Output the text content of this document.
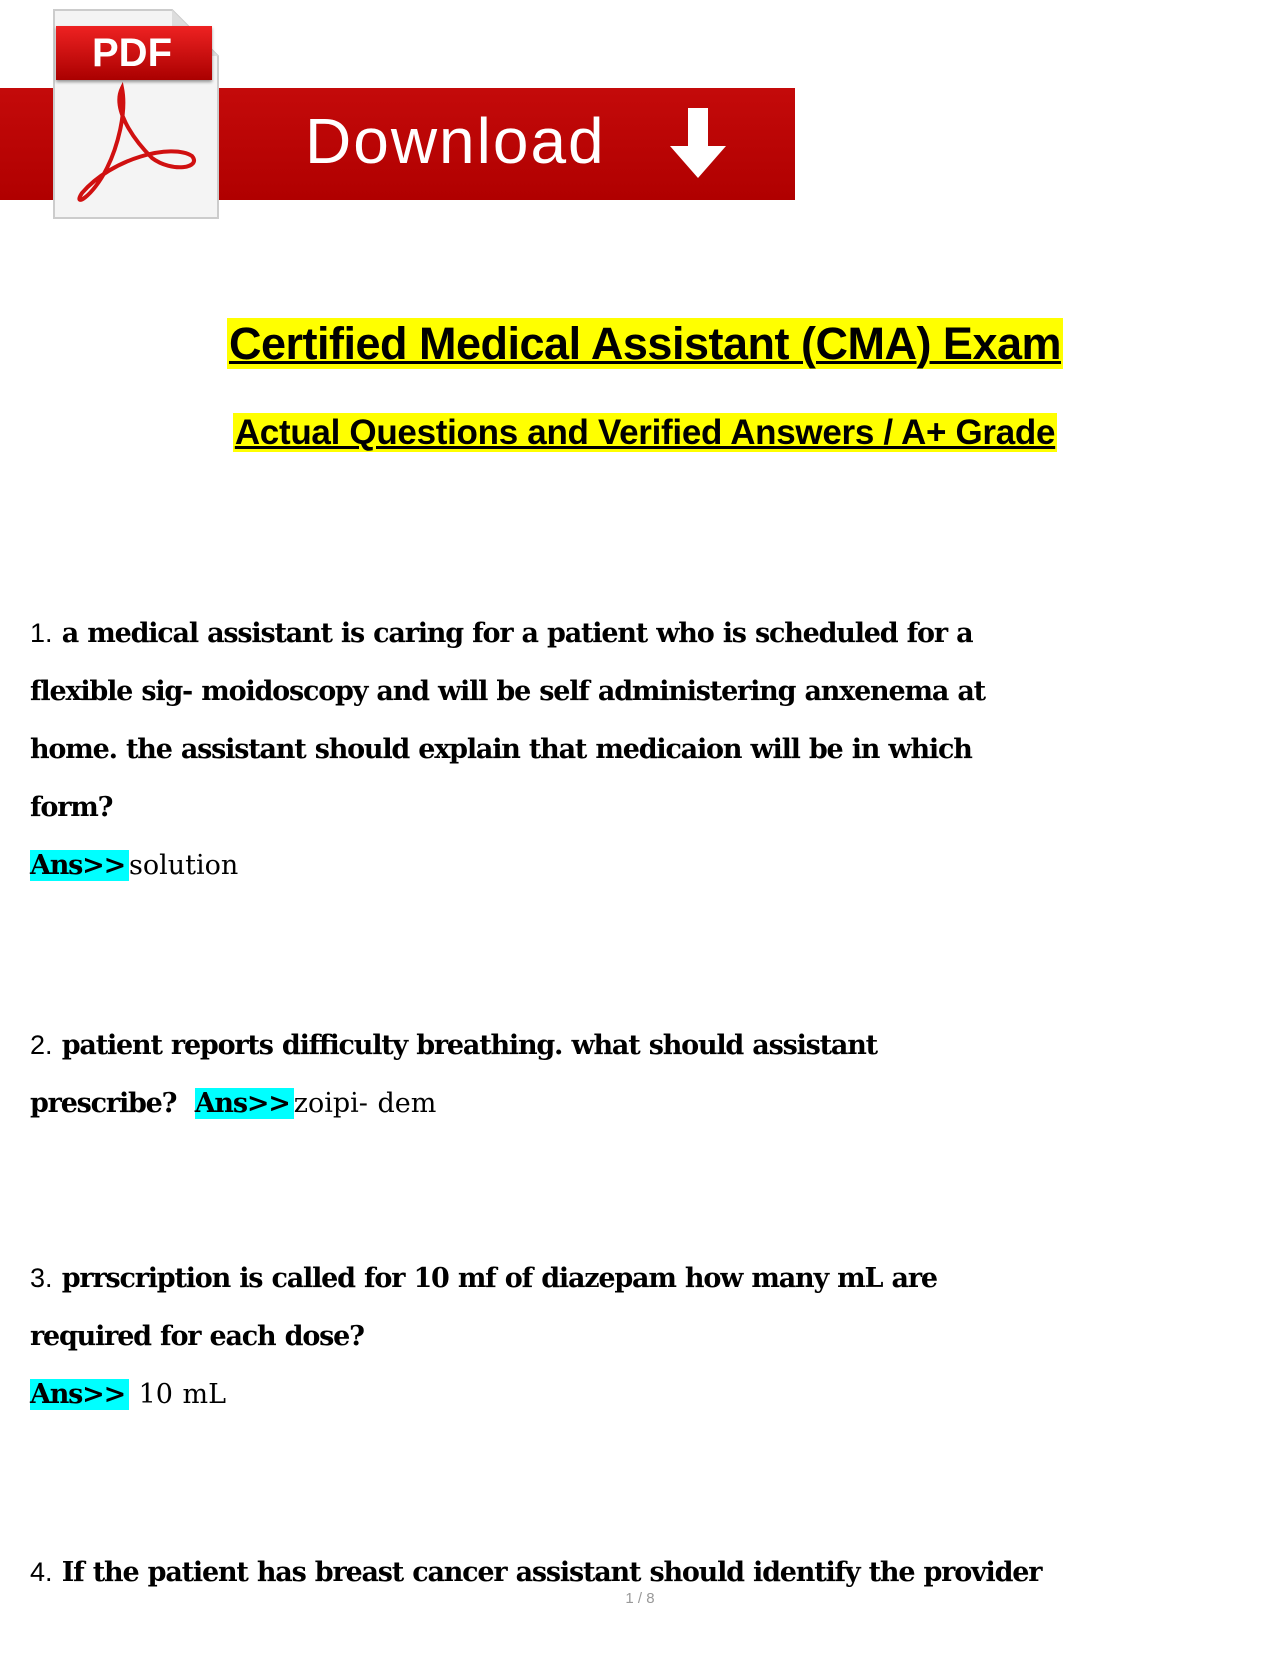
PDF
Download
Certified Medical Assistant (CMA) Exam
Actual Questions and Verified Answers / A+ Grade
1. a medical assistant is caring for a patient who is scheduled for a
flexible sig- moidoscopy and will be self administering anxenema at
home. the assistant should explain that medicaion will be in which
form?
Ans>> solution
2. patient reports difficulty breathing. what should assistant
prescribe?  Ans>> zoipi- dem
3. prrscription is called for 10 mf of diazepam how many mL are
required for each dose?
Ans>> 10 mL
4. If the patient has breast cancer assistant should identify the provider
1 / 8
